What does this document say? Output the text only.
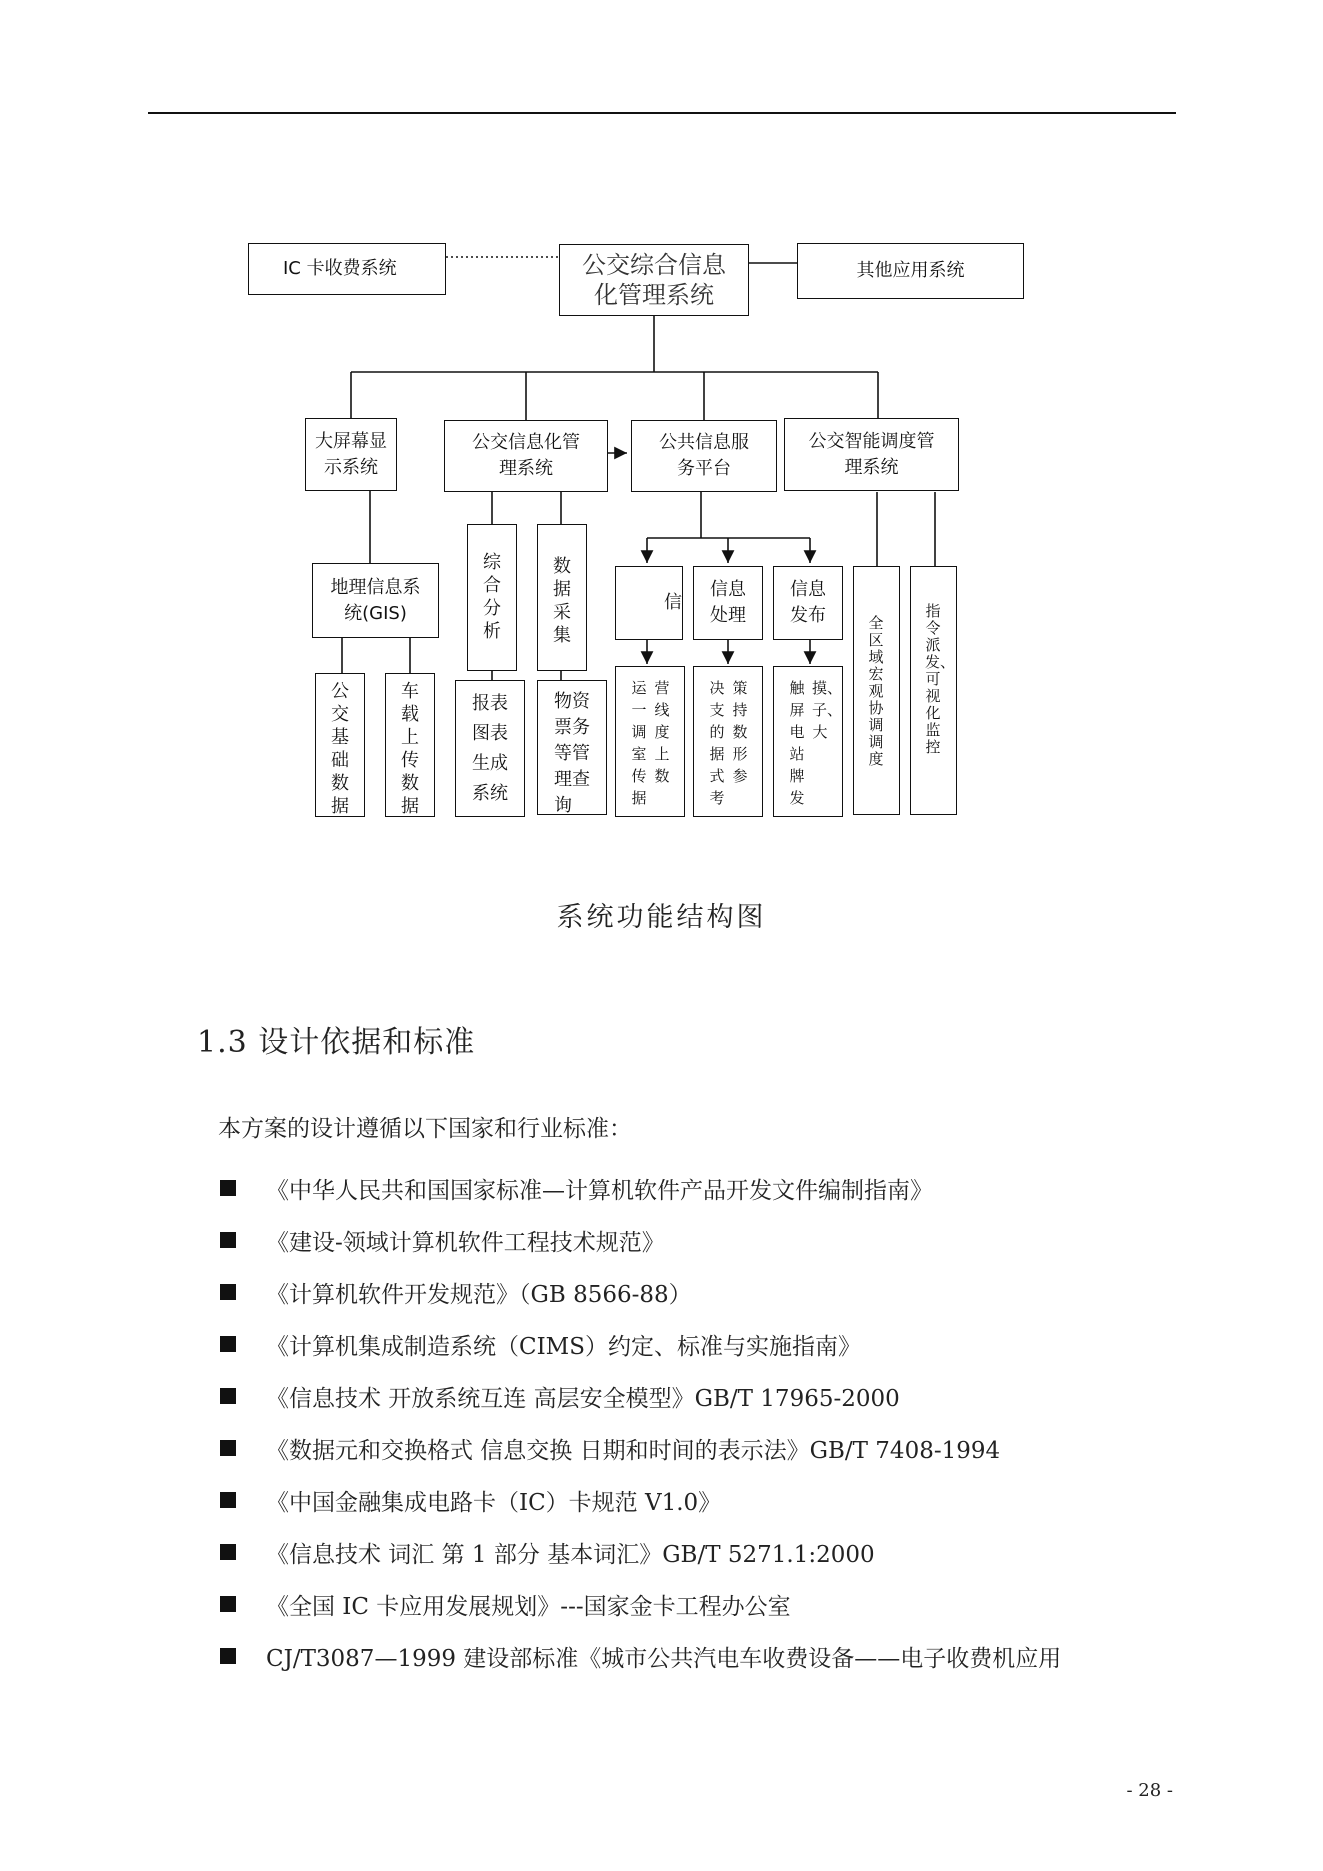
IC 卡收费系统	公交综合信息化管理系统
其他应用系统
大屏幕显示系统
公交信息化管理系统
公共信息服务平台
公交智能调度管理系统
地理信息系统(GIS)
综合分析
数据采集
信
信息处理
信息发布	全区域宏观协调调度
指令派发、可视化监控
公交基础数据
车载上传数据
报表图表生成系统
物资
票务
等管
理查
询
运一调室传据
营线度上数
决支的据式考
策持数形参
触屏电站牌发
摸、子、大
系统功能结构图
1.3 设计依据和标准
本方案的设计遵循以下国家和行业标准：
《中华人民共和国国家标准—计算机软件产品开发文件编制指南》
《建设-领域计算机软件工程技术规范》
《计算机软件开发规范》（GB 8566-88）
《计算机集成制造系统（CIMS）约定、标准与实施指南》
《信息技术 开放系统互连 高层安全模型》GB/T 17965-2000
《数据元和交换格式 信息交换 日期和时间的表示法》GB/T 7408-1994
《中国金融集成电路卡（IC）卡规范 V1.0》
《信息技术 词汇 第 1 部分 基本词汇》GB/T 5271.1:2000
《全国 IC 卡应用发展规划》---国家金卡工程办公室
CJ/T3087—1999 建设部标准《城市公共汽电车收费设备——电子收费机应用
- 28 -
